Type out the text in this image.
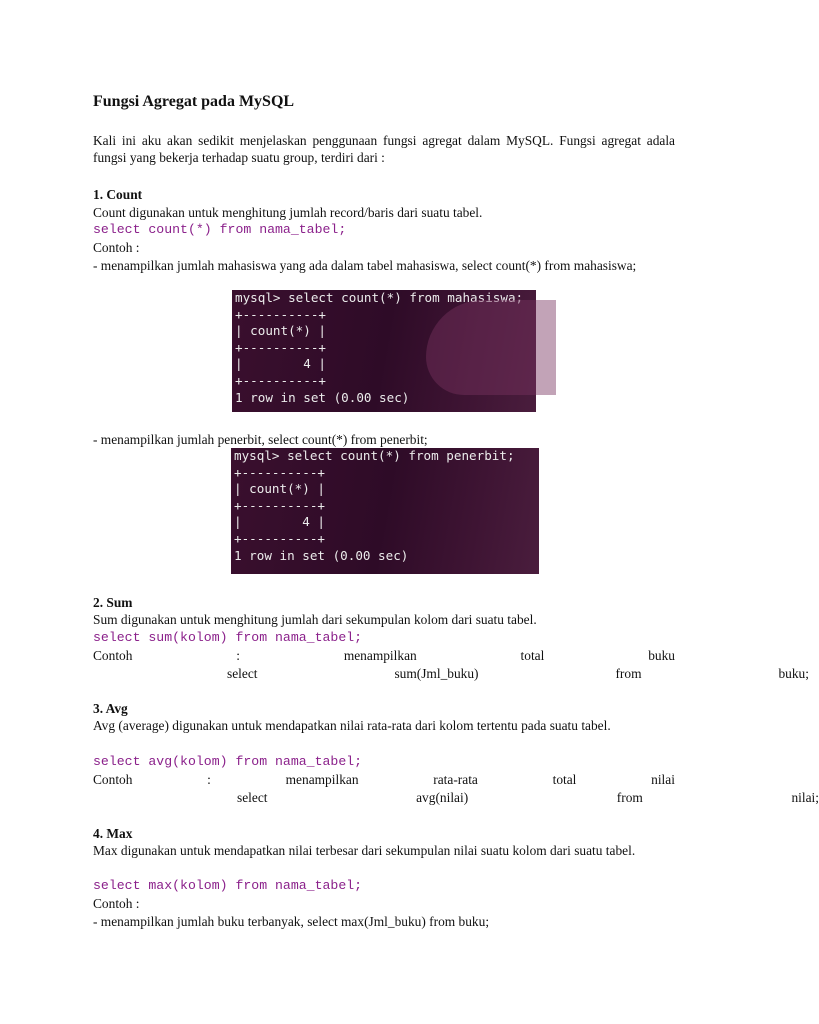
Fungsi Agregat pada MySQL
Kali ini aku akan sedikit menjelaskan penggunaan fungsi agregat dalam MySQL. Fungsi agregat adala fungsi yang bekerja terhadap suatu group, terdiri dari :
1. Count
Count digunakan untuk menghitung jumlah record/baris dari suatu tabel.
select count(*) from nama_tabel;
Contoh :
- menampilkan jumlah mahasiswa yang ada dalam tabel mahasiswa, select count(*) from mahasiswa;
mysql> select count(*) from mahasiswa;
+----------+
| count(*) |
+----------+
|        4 |
+----------+
1 row in set (0.00 sec)
- menampilkan jumlah penerbit, select count(*) from penerbit;
mysql> select count(*) from penerbit;
+----------+
| count(*) |
+----------+
|        4 |
+----------+
1 row in set (0.00 sec)
2. Sum
Sum digunakan untuk menghitung jumlah dari sekumpulan kolom dari suatu tabel.
select sum(kolom) from nama_tabel;
Contoh	:	menampilkan	total	buku
select	sum(Jml_buku)	from	buku;
3. Avg
Avg (average) digunakan untuk mendapatkan nilai rata-rata dari kolom tertentu pada suatu tabel.
select avg(kolom) from nama_tabel;
Contoh	:	menampilkan	rata-rata	total	nilai
select	avg(nilai)	from	nilai;
4. Max
Max digunakan untuk mendapatkan nilai terbesar dari sekumpulan nilai suatu kolom dari suatu tabel.
select max(kolom) from nama_tabel;
Contoh :
- menampilkan jumlah buku terbanyak, select max(Jml_buku) from buku;
